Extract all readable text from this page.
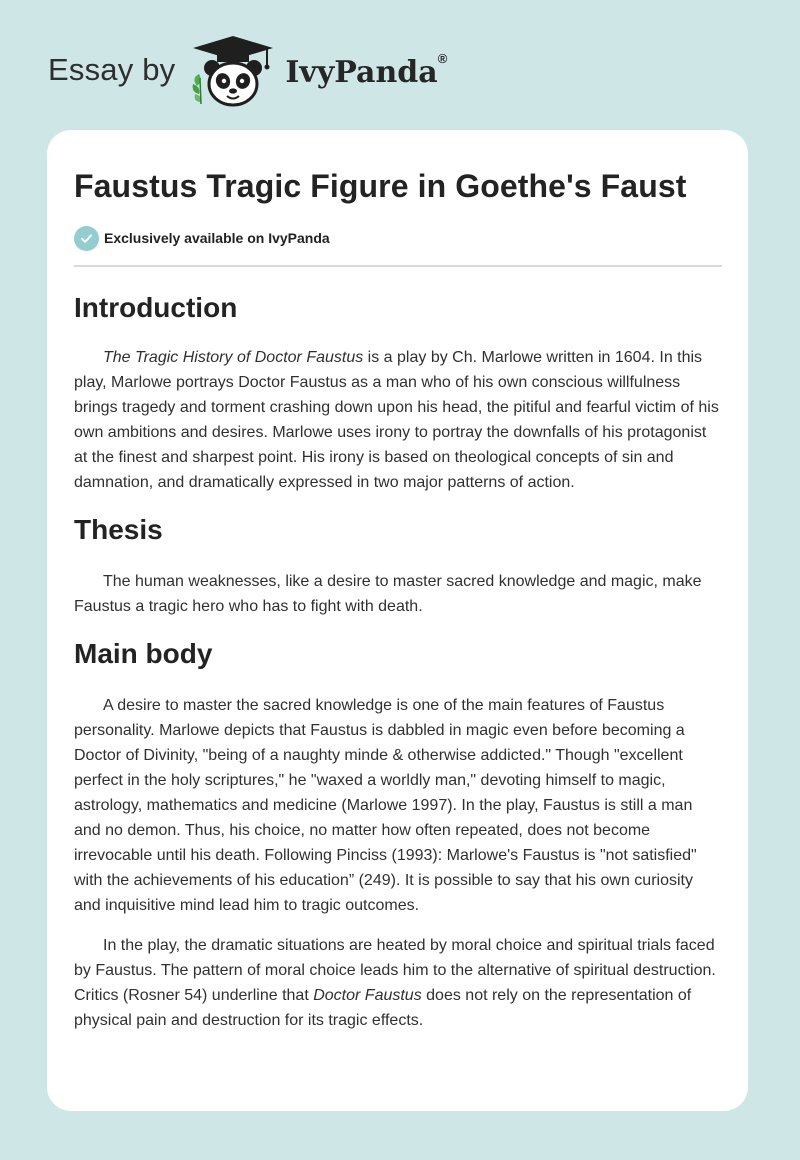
Essay by	IvyPanda®
Faustus Tragic Figure in Goethe's Faust
Exclusively available on IvyPanda
Introduction

The Tragic History of Doctor Faustus is a play by Ch. Marlowe written in 1604. In this play, Marlowe portrays Doctor Faustus as a man who of his own conscious willfulness brings tragedy and torment crashing down upon his head, the pitiful and fearful victim of his own ambitions and desires. Marlowe uses irony to portray the downfalls of his protagonist at the finest and sharpest point. His irony is based on theological concepts of sin and damnation, and dramatically expressed in two major patterns of action.

Thesis

The human weaknesses, like a desire to master sacred knowledge and magic, make Faustus a tragic hero who has to fight with death.

Main body

A desire to master the sacred knowledge is one of the main features of Faustus personality. Marlowe depicts that Faustus is dabbled in magic even before becoming a Doctor of Divinity, "being of a naughty minde & otherwise addicted." Though "excellent perfect in the holy scriptures," he "waxed a worldly man," devoting himself to magic, astrology, mathematics and medicine (Marlowe 1997). In the play, Faustus is still a man and no demon. Thus, his choice, no matter how often repeated, does not become irrevocable until his death. Following Pinciss (1993): Marlowe's Faustus is "not satisfied" with the achievements of his education” (249). It is possible to say that his own curiosity and inquisitive mind lead him to tragic outcomes.

In the play, the dramatic situations are heated by moral choice and spiritual trials faced by Faustus. The pattern of moral choice leads him to the alternative of spiritual destruction. Critics (Rosner 54) underline that Doctor Faustus does not rely on the representation of physical pain and destruction for its tragic effects.
